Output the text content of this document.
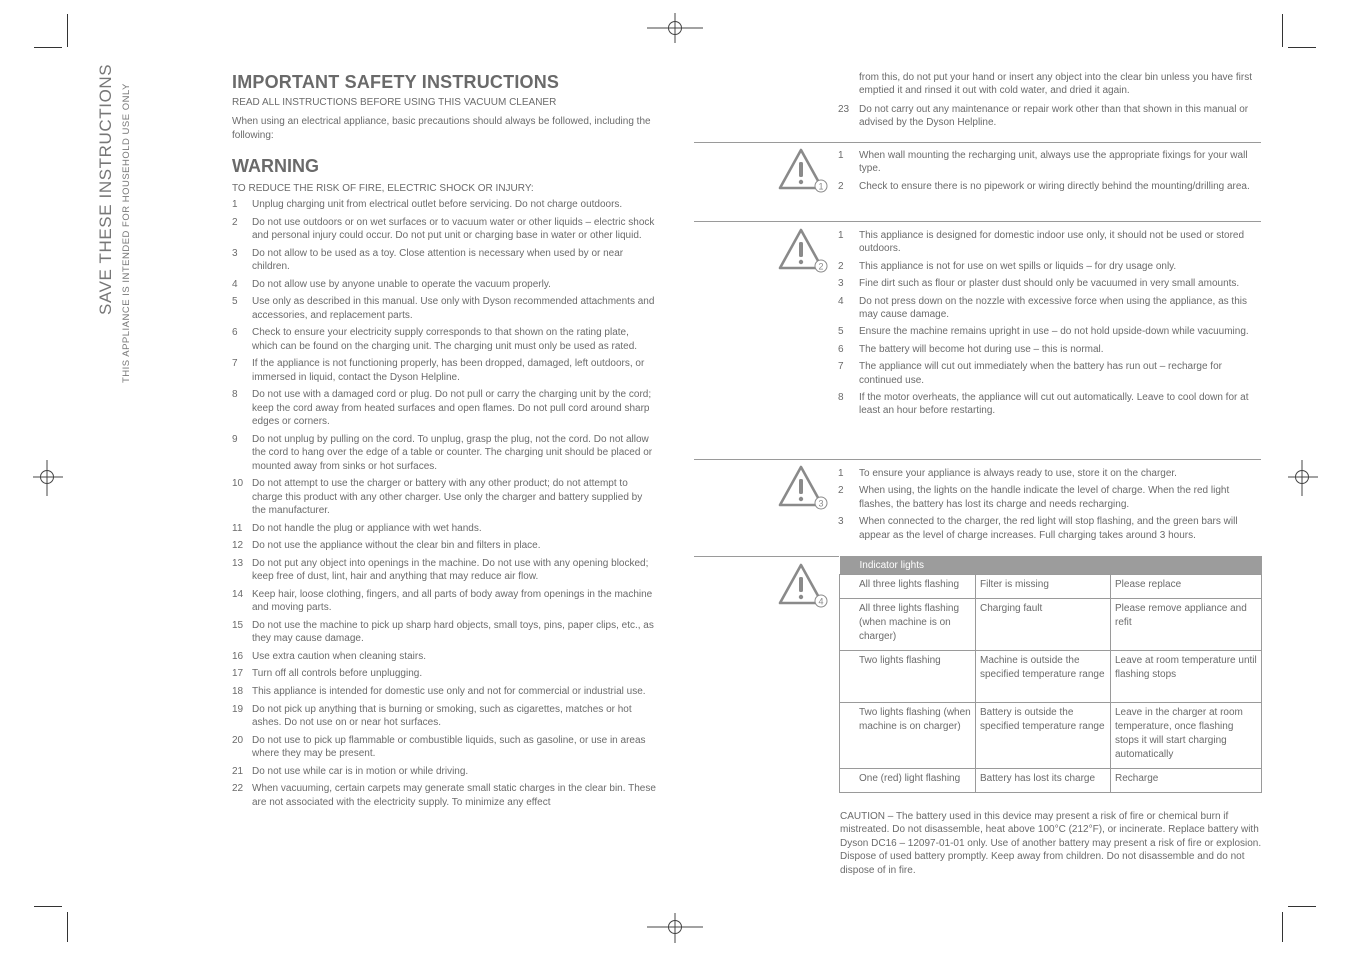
SAVE THESE INSTRUCTIONS THIS APPLIANCE IS INTENDED FOR HOUSEHOLD USE ONLY
IMPORTANT SAFETY INSTRUCTIONS

READ ALL INSTRUCTIONS BEFORE USING THIS VACUUM CLEANER

When using an electrical appliance, basic precautions should always be followed, including the following:

WARNING

TO REDUCE THE RISK OF FIRE, ELECTRIC SHOCK OR INJURY:

1	Unplug charging unit from electrical outlet before servicing. Do not charge outdoors.
2	Do not use outdoors or on wet surfaces or to vacuum water or other liquids – electric shock and personal injury could occur. Do not put unit or charging base in water or other liquid.
3	Do not allow to be used as a toy. Close attention is necessary when used by or near children.
4	Do not allow use by anyone unable to operate the vacuum properly.
5	Use only as described in this manual. Use only with Dyson recommended attachments and accessories, and replacement parts.
6	Check to ensure your electricity supply corresponds to that shown on the rating plate, which can be found on the charging unit. The charging unit must only be used as rated.
7	If the appliance is not functioning properly, has been dropped, damaged, left outdoors, or immersed in liquid, contact the Dyson Helpline.
8	Do not use with a damaged cord or plug. Do not pull or carry the charging unit by the cord; keep the cord away from heated surfaces and open flames. Do not pull cord around sharp edges or corners.
9	Do not unplug by pulling on the cord. To unplug, grasp the plug, not the cord. Do not allow the cord to hang over the edge of a table or counter. The charging unit should be placed or mounted away from sinks or hot surfaces.
10 Do not attempt to use the charger or battery with any other product; do not attempt to charge this product with any other charger. Use only the charger and battery supplied by the manufacturer.
11 Do not handle the plug or appliance with wet hands.
12 Do not use the appliance without the clear bin and filters in place.
13 Do not put any object into openings in the machine. Do not use with any opening blocked; keep free of dust, lint, hair and anything that may reduce air flow.
14 Keep hair, loose clothing, fingers, and all parts of body away from openings in the machine and moving parts.
15 Do not use the machine to pick up sharp hard objects, small toys, pins, paper clips, etc., as they may cause damage.
16 Use extra caution when cleaning stairs.
17 Turn off all controls before unplugging.
18 This appliance is intended for domestic use only and not for commercial or industrial use.
19 Do not pick up anything that is burning or smoking, such as cigarettes, matches or hot ashes. Do not use on or near hot surfaces.
20 Do not use to pick up flammable or combustible liquids, such as gasoline, or use in areas where they may be present.
21 Do not use while car is in motion or while driving.
22 When vacuuming, certain carpets may generate small static charges in the clear bin. These are not associated with the electricity supply. To minimize any effect
from this, do not put your hand or insert any object into the clear bin unless you have first emptied it and rinsed it out with cold water, and dried it again.
23 Do not carry out any maintenance or repair work other than that shown in this manual or advised by the Dyson Helpline.
1
2
3
4
1	When wall mounting the recharging unit, always use the appropriate fixings for your wall type.
2	Check to ensure there is no pipework or wiring directly behind the mounting/drilling area.
1	This appliance is designed for domestic indoor use only, it should not be used or stored outdoors.
2	This appliance is not for use on wet spills or liquids – for dry usage only.
3	Fine dirt such as flour or plaster dust should only be vacuumed in very small amounts.
4	Do not press down on the nozzle with excessive force when using the appliance, as this may cause damage.
5	Ensure the machine remains upright in use – do not hold upside-down while vacuuming.
6	The battery will become hot during use – this is normal.
7	The appliance will cut out immediately when the battery has run out – recharge for continued use.
8	If the motor overheats, the appliance will cut out automatically. Leave to cool down for at least an hour before restarting.
1	To ensure your appliance is always ready to use, store it on the charger.
2	When using, the lights on the handle indicate the level of charge. When the red light flashes, the battery has lost its charge and needs recharging.
3	When connected to the charger, the red light will stop flashing, and the green bars will appear as the level of charge increases. Full charging takes around 3 hours.
Indicator lights		
All three lights flashing	Filter is missing	Please replace
All three lights flashing (when machine is on charger)	Charging fault	Please remove appliance and refit
Two lights flashing	Machine is outside the specified temperature range	Leave at room temperature until flashing stops
Two lights flashing (when machine is on charger)	Battery is outside the specified temperature range	Leave in the charger at room temperature, once flashing stops it will start charging automatically
One (red) light flashing	Battery has lost its charge	Recharge
CAUTION – The battery used in this device may present a risk of fire or chemical burn if mistreated. Do not disassemble, heat above 100°C (212°F), or incinerate. Replace battery with Dyson DC16 – 12097-01-01 only. Use of another battery may present a risk of fire or explosion. Dispose of used battery promptly. Keep away from children. Do not disassemble and do not dispose of in fire.
